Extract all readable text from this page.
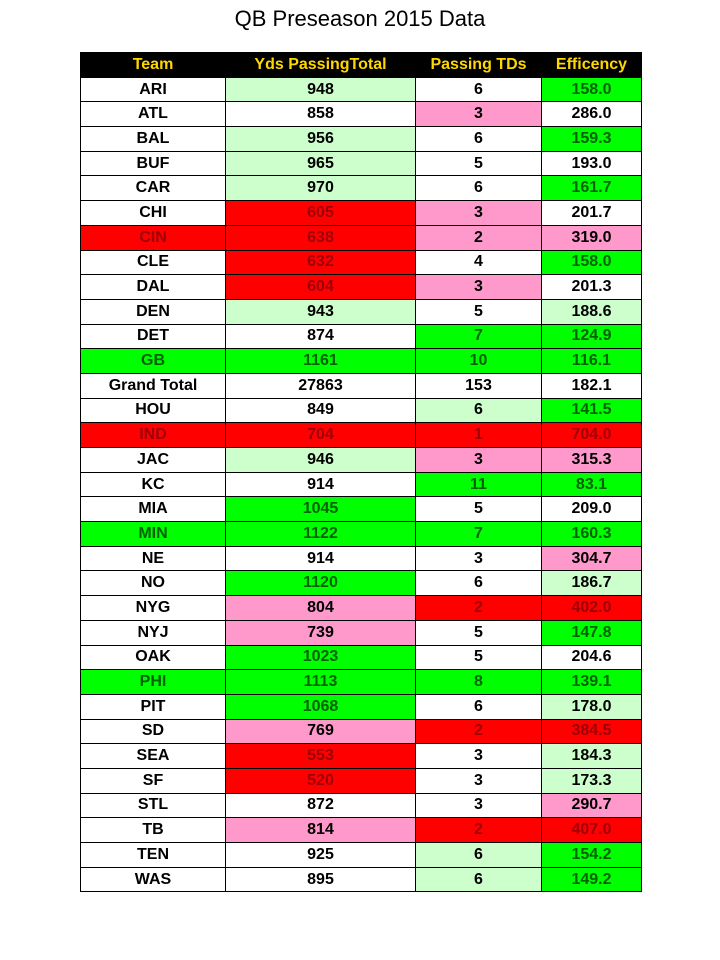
QB Preseason 2015 Data
Team	Yds PassingTotal	Passing TDs	Efficency
ARI	948	6	158.0
ATL	858	3	286.0
BAL	956	6	159.3
BUF	965	5	193.0
CAR	970	6	161.7
CHI	605	3	201.7
CIN	638	2	319.0
CLE	632	4	158.0
DAL	604	3	201.3
DEN	943	5	188.6
DET	874	7	124.9
GB	1161	10	116.1
Grand Total	27863	153	182.1
HOU	849	6	141.5
IND	704	1	704.0
JAC	946	3	315.3
KC	914	11	83.1
MIA	1045	5	209.0
MIN	1122	7	160.3
NE	914	3	304.7
NO	1120	6	186.7
NYG	804	2	402.0
NYJ	739	5	147.8
OAK	1023	5	204.6
PHI	1113	8	139.1
PIT	1068	6	178.0
SD	769	2	384.5
SEA	553	3	184.3
SF	520	3	173.3
STL	872	3	290.7
TB	814	2	407.0
TEN	925	6	154.2
WAS	895	6	149.2
